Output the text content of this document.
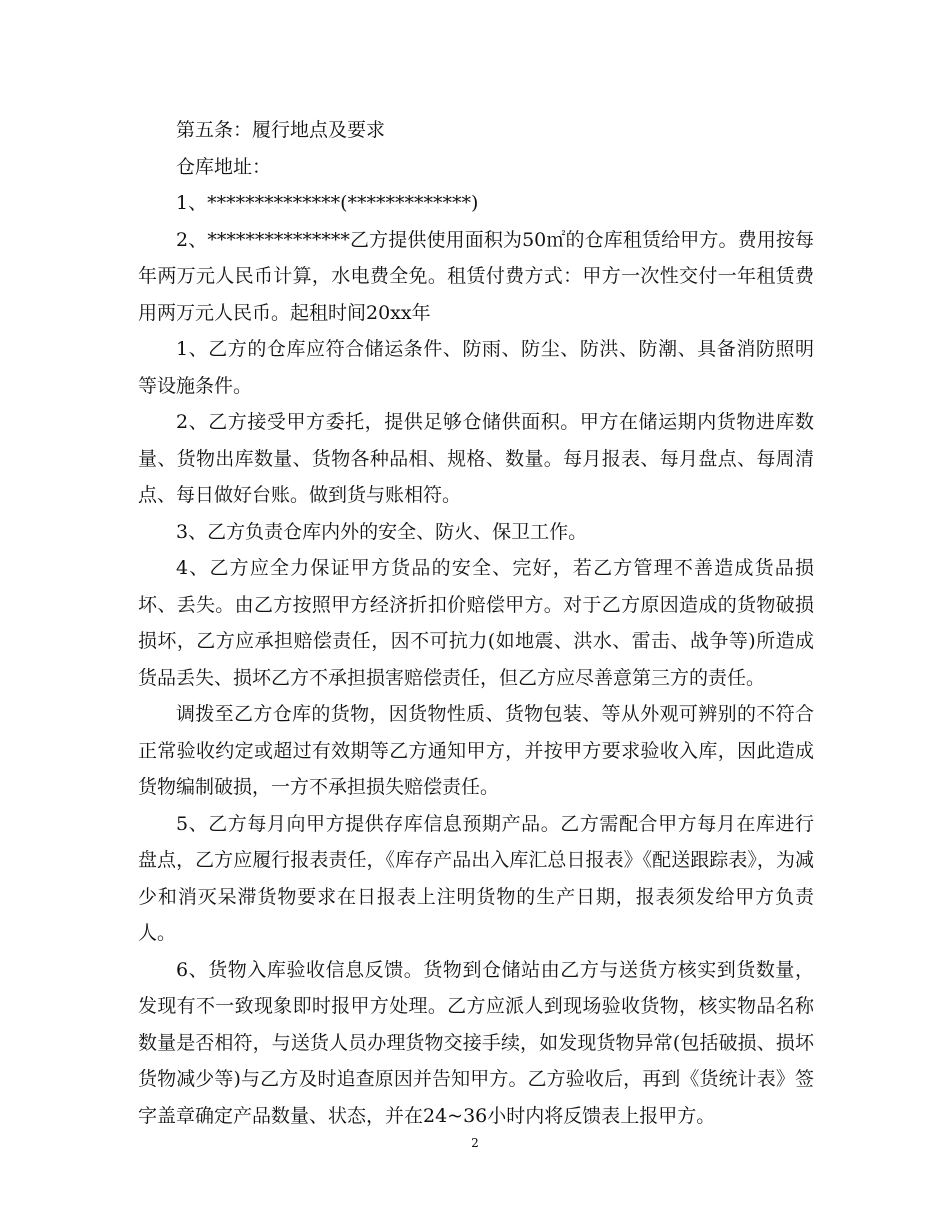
第五条：履行地点及要求

仓库地址：

1、**************(*************)

2、***************乙方提供使用面积为50㎡的仓库租赁给甲方。费用按每年两万元人民币计算，水电费全免。租赁付费方式：甲方一次性交付一年租赁费用两万元人民币。起租时间20xx年

1、乙方的仓库应符合储运条件、防雨、防尘、防洪、防潮、具备消防照明等设施条件。

2、乙方接受甲方委托，提供足够仓储供面积。甲方在储运期内货物进库数量、货物出库数量、货物各种品相、规格、数量。每月报表、每月盘点、每周清点、每日做好台账。做到货与账相符。

3、乙方负责仓库内外的安全、防火、保卫工作。

4、乙方应全力保证甲方货品的安全、完好，若乙方管理不善造成货品损坏、丢失。由乙方按照甲方经济折扣价赔偿甲方。对于乙方原因造成的货物破损损坏，乙方应承担赔偿责任，因不可抗力(如地震、洪水、雷击、战争等)所造成货品丢失、损坏乙方不承担损害赔偿责任，但乙方应尽善意第三方的责任。

调拨至乙方仓库的货物，因货物性质、货物包装、等从外观可辨别的不符合正常验收约定或超过有效期等乙方通知甲方，并按甲方要求验收入库，因此造成货物编制破损，一方不承担损失赔偿责任。

5、乙方每月向甲方提供存库信息预期产品。乙方需配合甲方每月在库进行盘点，乙方应履行报表责任，《库存产品出入库汇总日报表》《配送跟踪表》，为减少和消灭呆滞货物要求在日报表上注明货物的生产日期，报表须发给甲方负责人。

6、货物入库验收信息反馈。货物到仓储站由乙方与送货方核实到货数量，发现有不一致现象即时报甲方处理。乙方应派人到现场验收货物，核实物品名称数量是否相符，与送货人员办理货物交接手续，如发现货物异常(包括破损、损坏货物减少等)与乙方及时追查原因并告知甲方。乙方验收后，再到《货统计表》签字盖章确定产品数量、状态，并在24~36小时内将反馈表上报甲方。

2
